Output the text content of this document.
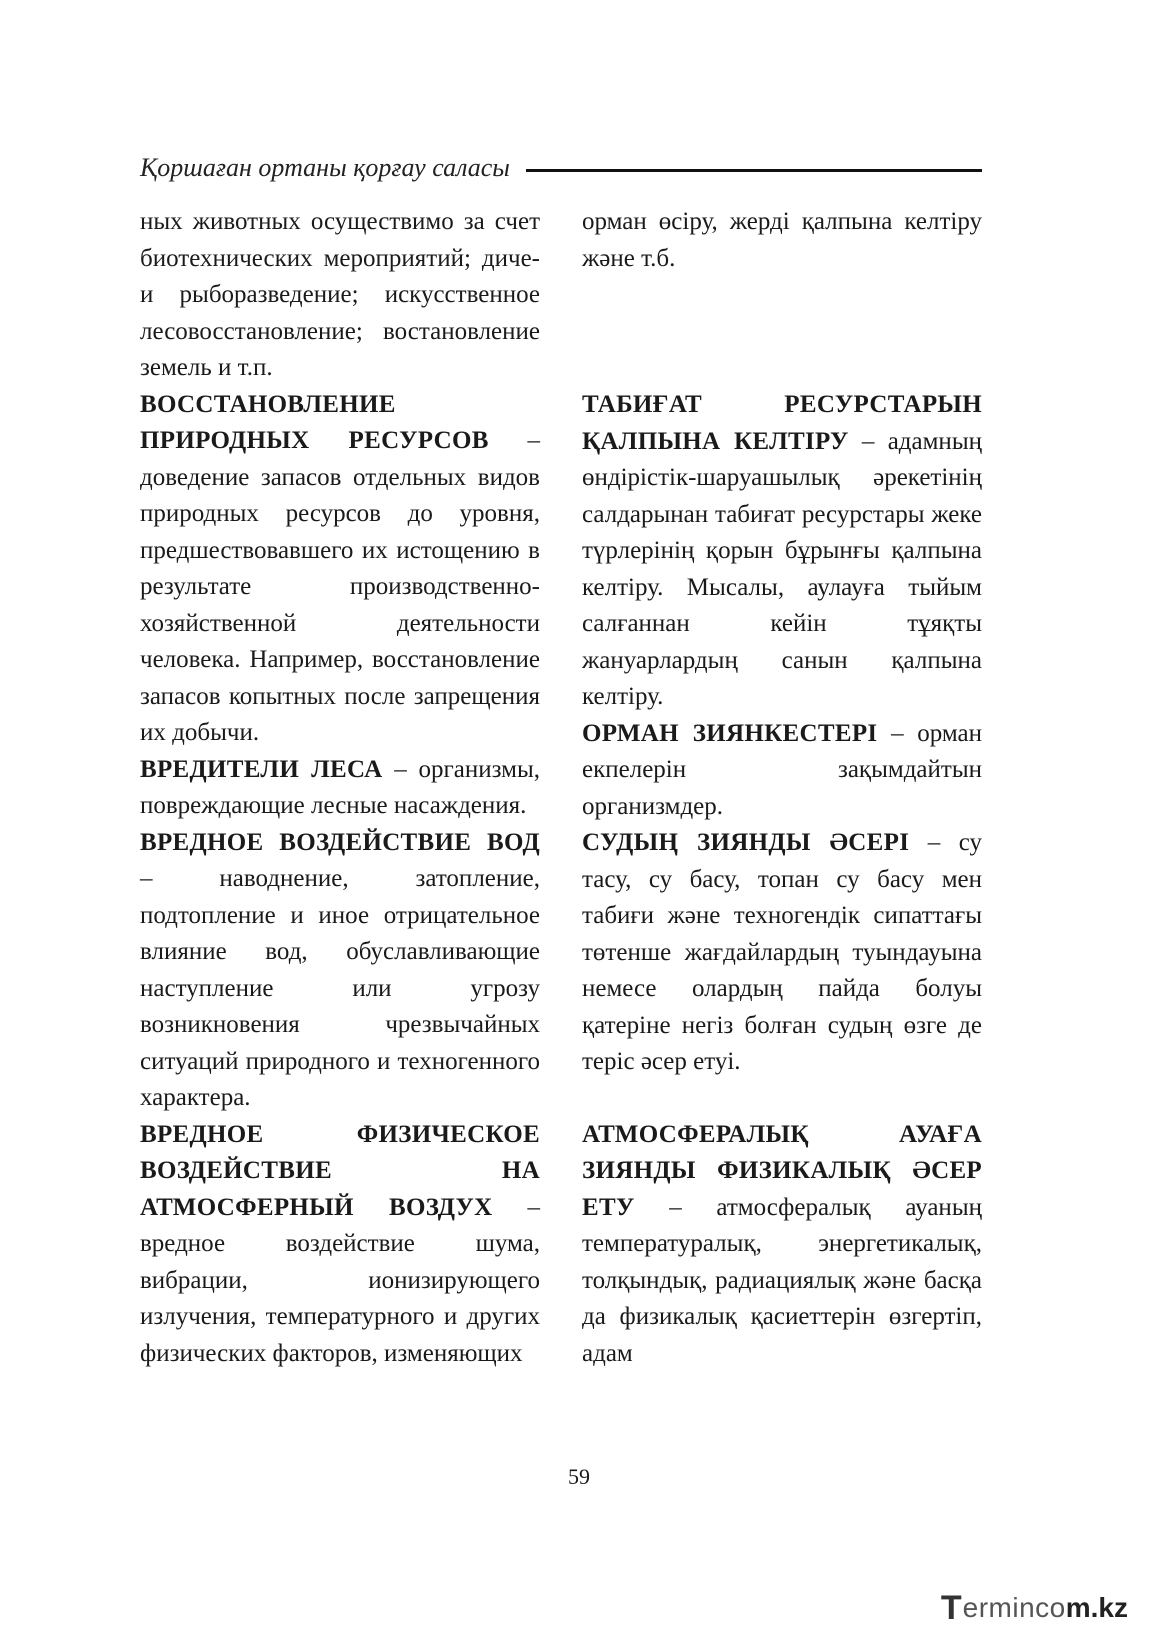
Қоршаған ортаны қорғау саласы

ных животных осуществимо за счет биотехнических мероприятий; диче- и рыборазведение; искусственное лесовосстановление; востановление земель и т.п.

ВОССТАНОВЛЕНИЕ ПРИРОДНЫХ РЕСУРСОВ – доведение запасов отдельных видов природных ресурсов до уровня, предшествовавшего их истощению в результате производственно-хозяйственной деятельности человека. Например, восстановление запасов копытных после запрещения их добычи.

ВРЕДИТЕЛИ ЛЕСА – организмы, повреждающие лесные насаждения.

ВРЕДНОЕ ВОЗДЕЙСТВИЕ ВОД – наводнение, затопление, подтопление и иное отрицательное влияние вод, обуславливающие наступление или угрозу возникновения чрезвычайных ситуаций природного и техногенного характера.

ВРЕДНОЕ ФИЗИЧЕСКОЕ ВОЗДЕЙСТВИЕ НА АТМОСФЕРНЫЙ ВОЗДУХ – вредное воздействие шума, вибрации, ионизирующего излучения, температурного и других физических факторов, изменяющих

орман өсіру, жерді қалпына келтіру және т.б.

ТАБИҒАТ РЕСУРСТАРЫН ҚАЛПЫНА КЕЛТІРУ – адамның өндірістік-шаруашылық әрекетінің салдарынан табиғат ресурстары жеке түрлерінің қорын бұрынғы қалпына келтіру. Мысалы, аулауға тыйым салғаннан кейін тұяқты жануарлардың санын қалпына келтіру.

ОРМАН ЗИЯНКЕСТЕРІ – орман екпелерін зақымдайтын организмдер.

СУДЫҢ ЗИЯНДЫ ӘСЕРІ – су тасу, су басу, топан су басу мен табиғи және техногендік сипаттағы төтенше жағдайлардың туындауына немесе олардың пайда болуы қатеріне негіз болған судың өзге де теріс әсер етуі.

АТМОСФЕРАЛЫҚ АУАҒА ЗИЯНДЫ ФИЗИКАЛЫҚ ӘСЕР ЕТУ – атмосфералық ауаның температуралық, энергетикалық, толқындық, радиациялық және басқа да физикалық қасиеттерін өзгертіп, адам

59
T erminc o m.kz
